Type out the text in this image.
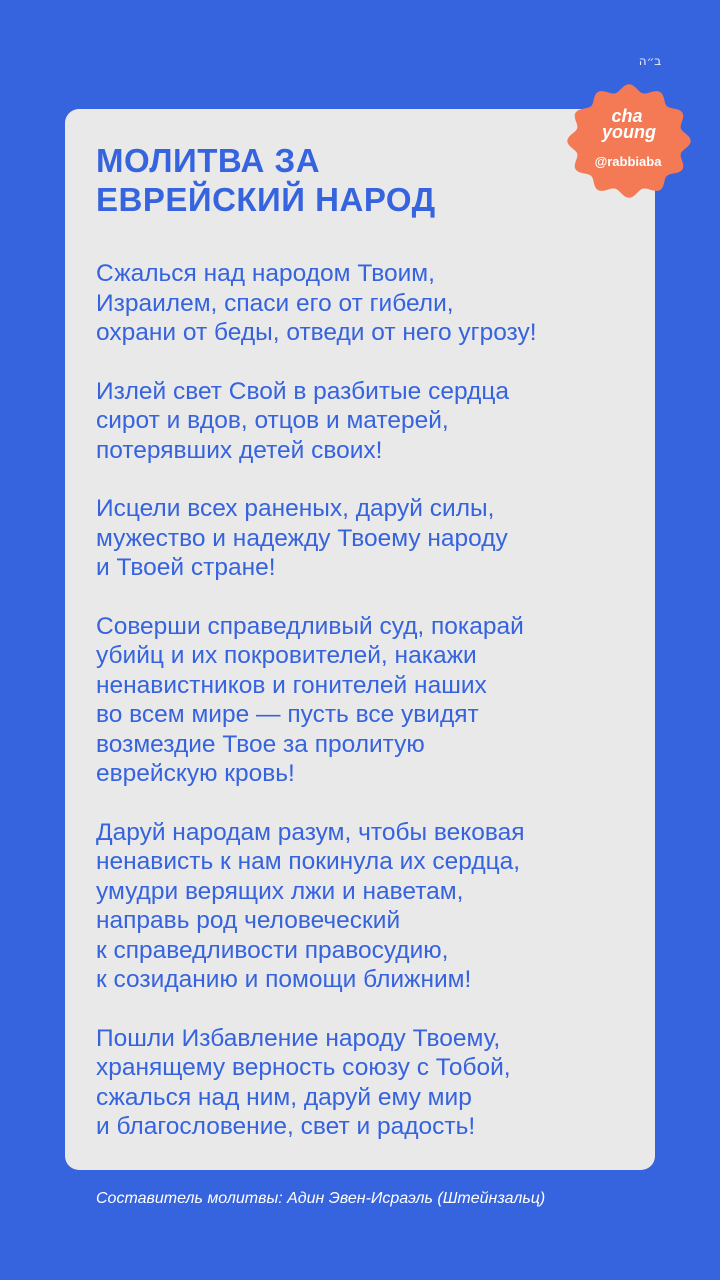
ב״ה
МОЛИТВА ЗА ЕВРЕЙСКИЙ НАРОД

Сжалься над народом Твоим,
Израилем, спаси его от гибели,
охрани от беды, отведи от него угрозу!

Излей свет Свой в разбитые сердца
сирот и вдов, отцов и матерей,
потерявших детей своих!

Исцели всех раненых, даруй силы,
мужество и надежду Твоему народу
и Твоей стране!

Соверши справедливый суд, покарай
убийц и их покровителей, накажи
ненавистников и гонителей наших
во всем мире — пусть все увидят
возмездие Твое за пролитую
еврейскую кровь!

Даруй народам разум, чтобы вековая
ненависть к нам покинула их сердца,
умудри верящих лжи и наветам,
направь род человеческий
к справедливости правосудию,
к созиданию и помощи ближним!

Пошли Избавление народу Твоему,
хранящему верность союзу с Тобой,
сжалься над ним, даруй ему мир
и благословение, свет и радость!

cha
young
@rabbiaba
Составитель молитвы: Адин Эвен-Исраэль (Штейнзальц)
